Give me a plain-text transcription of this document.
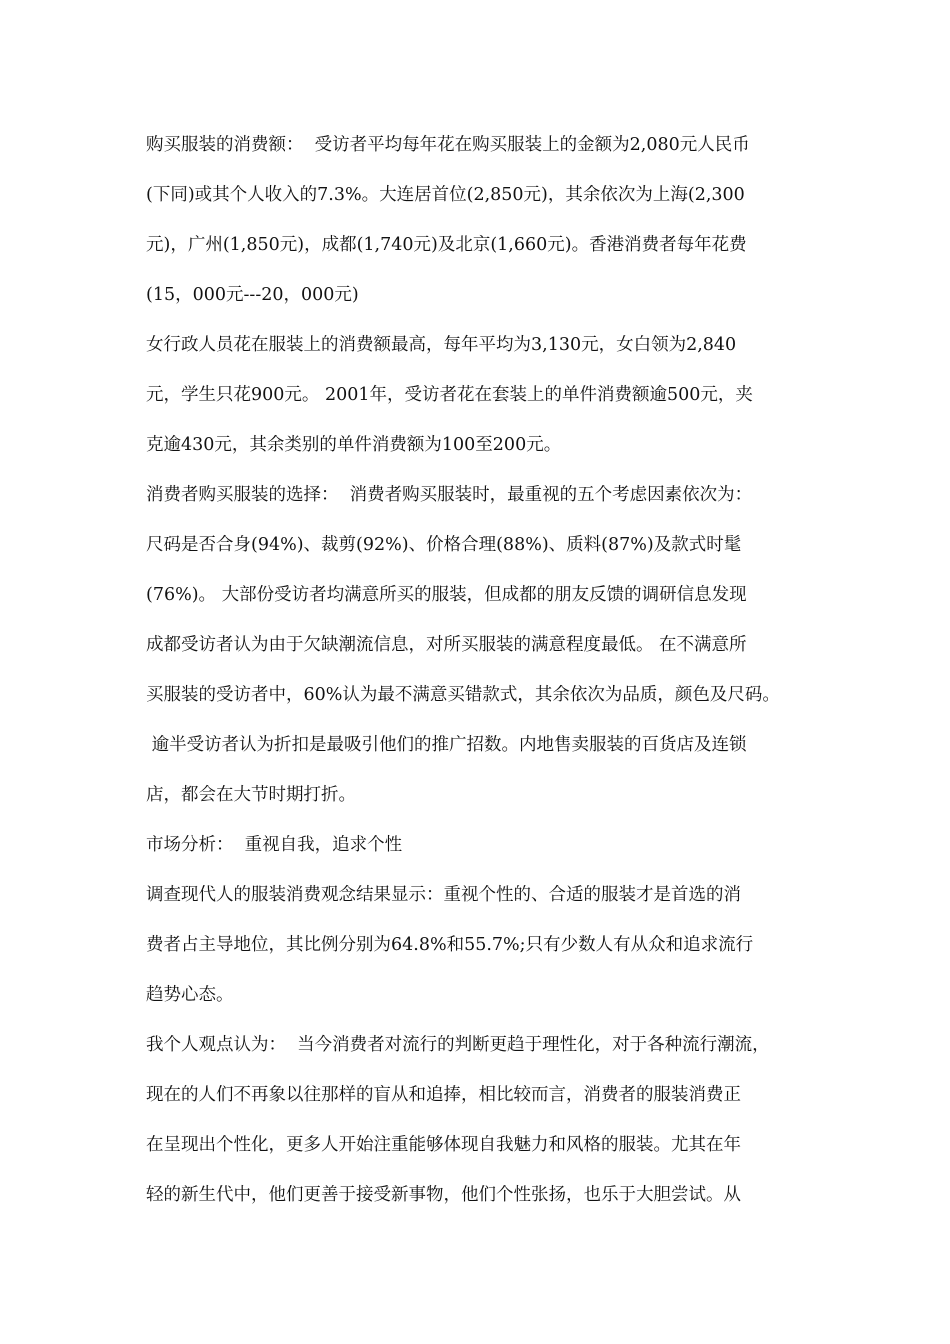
购买服装的消费额：  受访者平均每年花在购买服装上的金额为2,080元人民币
(下同)或其个人收入的7.3%。大连居首位(2,850元)，其余依次为上海(2,300
元)，广州(1,850元)，成都(1,740元)及北京(1,660元)。香港消费者每年花费
(15，000元---20，000元)
女行政人员花在服装上的消费额最高，每年平均为3,130元，女白领为2,840
元，学生只花900元。 2001年，受访者花在套装上的单件消费额逾500元，夹
克逾430元，其余类别的单件消费额为100至200元。
消费者购买服装的选择：  消费者购买服装时，最重视的五个考虑因素依次为：
尺码是否合身(94%)、裁剪(92%)、价格合理(88%)、质料(87%)及款式时髦
(76%)。 大部份受访者均满意所买的服装，但成都的朋友反馈的调研信息发现
成都受访者认为由于欠缺潮流信息，对所买服装的满意程度最低。 在不满意所
买服装的受访者中，60%认为最不满意买错款式，其余依次为品质，颜色及尺码。
逾半受访者认为折扣是最吸引他们的推广招数。内地售卖服装的百货店及连锁
店，都会在大节时期打折。
市场分析：  重视自我，追求个性
调查现代人的服装消费观念结果显示：重视个性的、合适的服装才是首选的消
费者占主导地位，其比例分别为64.8%和55.7%;只有少数人有从众和追求流行
趋势心态。
我个人观点认为：  当今消费者对流行的判断更趋于理性化，对于各种流行潮流，
现在的人们不再象以往那样的盲从和追捧，相比较而言，消费者的服装消费正
在呈现出个性化，更多人开始注重能够体现自我魅力和风格的服装。尤其在年
轻的新生代中，他们更善于接受新事物，他们个性张扬，也乐于大胆尝试。从
